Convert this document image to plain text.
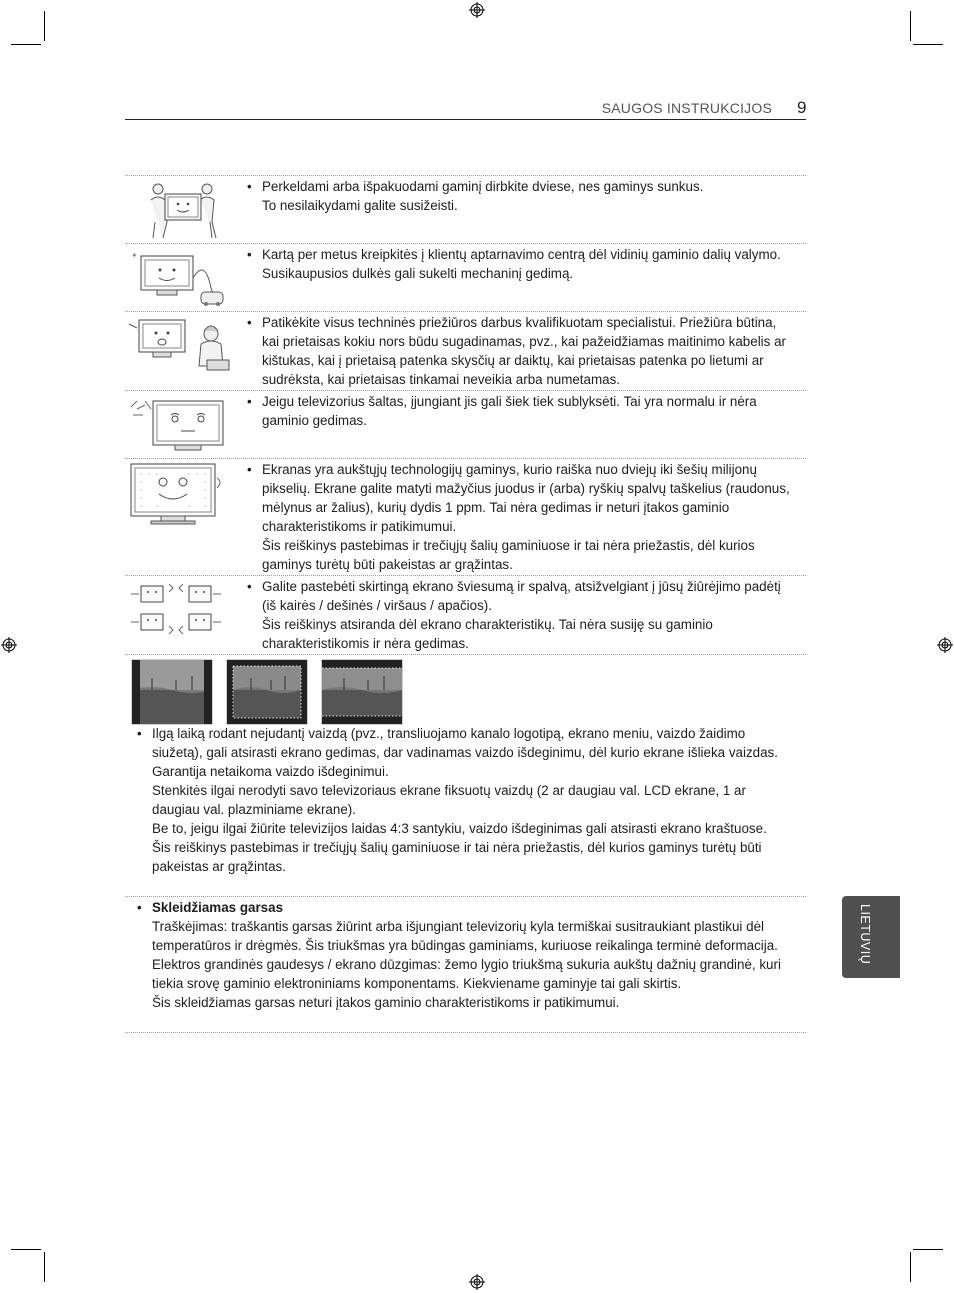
SAUGOS INSTRUKCIJOS 9
• Perkeldami arba išpakuodami gaminį dirbkite dviese, nes gaminys sunkus.
To nesilaikydami galite susižeisti.
✦	• Kartą per metus kreipkitės į klientų aptarnavimo centrą dėl vidinių gaminio dalių valymo.
Susikaupusios dulkės gali sukelti mechaninį gedimą.
• Patikėkite visus techninės priežiūros darbus kvalifikuotam specialistui. Priežiūra būtina, kai prietaisas kokiu nors būdu sugadinamas, pvz., kai pažeidžiamas maitinimo kabelis ar kištukas, kai į prietaisą patenka skysčių ar daiktų, kai prietaisas patenka po lietumi ar sudrėksta, kai prietaisas tinkamai neveikia arba numetamas.
• Jeigu televizorius šaltas, įjungiant jis gali šiek tiek sublyksėti. Tai yra normalu ir nėra gaminio gedimas.
• Ekranas yra aukštųjų technologijų gaminys, kurio raiška nuo dviejų iki šešių milijonų pikselių. Ekrane galite matyti mažyčius juodus ir (arba) ryškių spalvų taškelius (raudonus, mėlynus ar žalius), kurių dydis 1 ppm. Tai nėra gedimas ir neturi įtakos gaminio charakteristikoms ir patikimumui.
Šis reiškinys pastebimas ir trečiųjų šalių gaminiuose ir tai nėra priežastis, dėl kurios gaminys turėtų būti pakeistas ar grąžintas.
• Galite pastebėti skirtingą ekrano šviesumą ir spalvą, atsižvelgiant į jūsų žiūrėjimo padėtį (iš kairės / dešinės / viršaus / apačios).
Šis reiškinys atsiranda dėl ekrano charakteristikų. Tai nėra susiję su gaminio charakteristikomis ir nėra gedimas.
• Ilgą laiką rodant nejudantį vaizdą (pvz., transliuojamo kanalo logotipą, ekrano meniu, vaizdo žaidimo siužetą), gali atsirasti ekrano gedimas, dar vadinamas vaizdo išdeginimu, dėl kurio ekrane išlieka vaizdas. Garantija netaikoma vaizdo išdeginimui.
Stenkitės ilgai nerodyti savo televizoriaus ekrane fiksuotų vaizdų (2 ar daugiau val. LCD ekrane, 1 ar daugiau val. plazminiame ekrane).
Be to, jeigu ilgai žiūrite televizijos laidas 4:3 santykiu, vaizdo išdeginimas gali atsirasti ekrano kraštuose.
Šis reiškinys pastebimas ir trečiųjų šalių gaminiuose ir tai nėra priežastis, dėl kurios gaminys turėtų būti pakeistas ar grąžintas.
• Skleidžiamas garsas
Traškėjimas: traškantis garsas žiūrint arba išjungiant televizorių kyla termiškai susitraukiant plastikui dėl temperatūros ir drėgmės. Šis triukšmas yra būdingas gaminiams, kuriuose reikalinga terminė deformacija. Elektros grandinės gaudesys / ekrano dūzgimas: žemo lygio triukšmą sukuria aukštų dažnių grandinė, kuri tiekia srovę gaminio elektroniniams komponentams. Kiekviename gaminyje tai gali skirtis.
Šis skleidžiamas garsas neturi įtakos gaminio charakteristikoms ir patikimumui.
LIETUVIŲ
